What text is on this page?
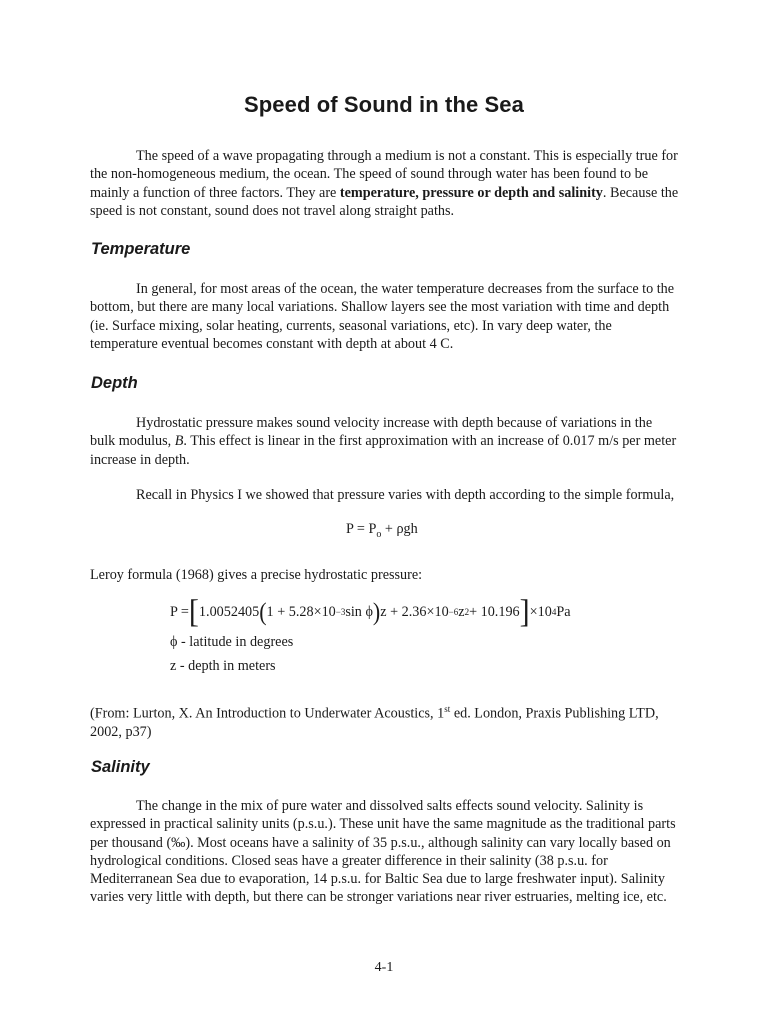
Speed of Sound in the Sea

The speed of a wave propagating through a medium is not a constant. This is especially true for the non-homogeneous medium, the ocean. The speed of sound through water has been found to be mainly a function of three factors. They are temperature, pressure or depth and salinity. Because the speed is not constant, sound does not travel along straight paths.

Temperature

In general, for most areas of the ocean, the water temperature decreases from the surface to the bottom, but there are many local variations. Shallow layers see the most variation with time and depth (ie. Surface mixing, solar heating, currents, seasonal variations, etc). In vary deep water, the temperature eventual becomes constant with depth at about 4 C.

Depth

Hydrostatic pressure makes sound velocity increase with depth because of variations in the bulk modulus, B. This effect is linear in the first approximation with an increase of 0.017 m/s per meter increase in depth.

Recall in Physics I we showed that pressure varies with depth according to the simple formula,

$P = P_o + \rho gh$

Leroy formula (1968) gives a precise hydrostatic pressure:

P = [ 1.0052405 ( 1 + 5.28×10 −3 sin ϕ ) z + 2.36×10 −6 z 2 + 10.196 ] ×10 4 Pa
ϕ - latitude in degrees
z - depth in meters

(From: Lurton, X. An Introduction to Underwater Acoustics, 1st ed. London, Praxis Publishing LTD, 2002, p37)

Salinity

The change in the mix of pure water and dissolved salts effects sound velocity. Salinity is expressed in practical salinity units (p.s.u.). These unit have the same magnitude as the traditional parts per thousand (‰). Most oceans have a salinity of 35 p.s.u., although salinity can vary locally based on hydrological conditions. Closed seas have a greater difference in their salinity (38 p.s.u. for Mediterranean Sea due to evaporation, 14 p.s.u. for Baltic Sea due to large freshwater input). Salinity varies very little with depth, but there can be stronger variations near river estruaries, melting ice, etc.

4-1
